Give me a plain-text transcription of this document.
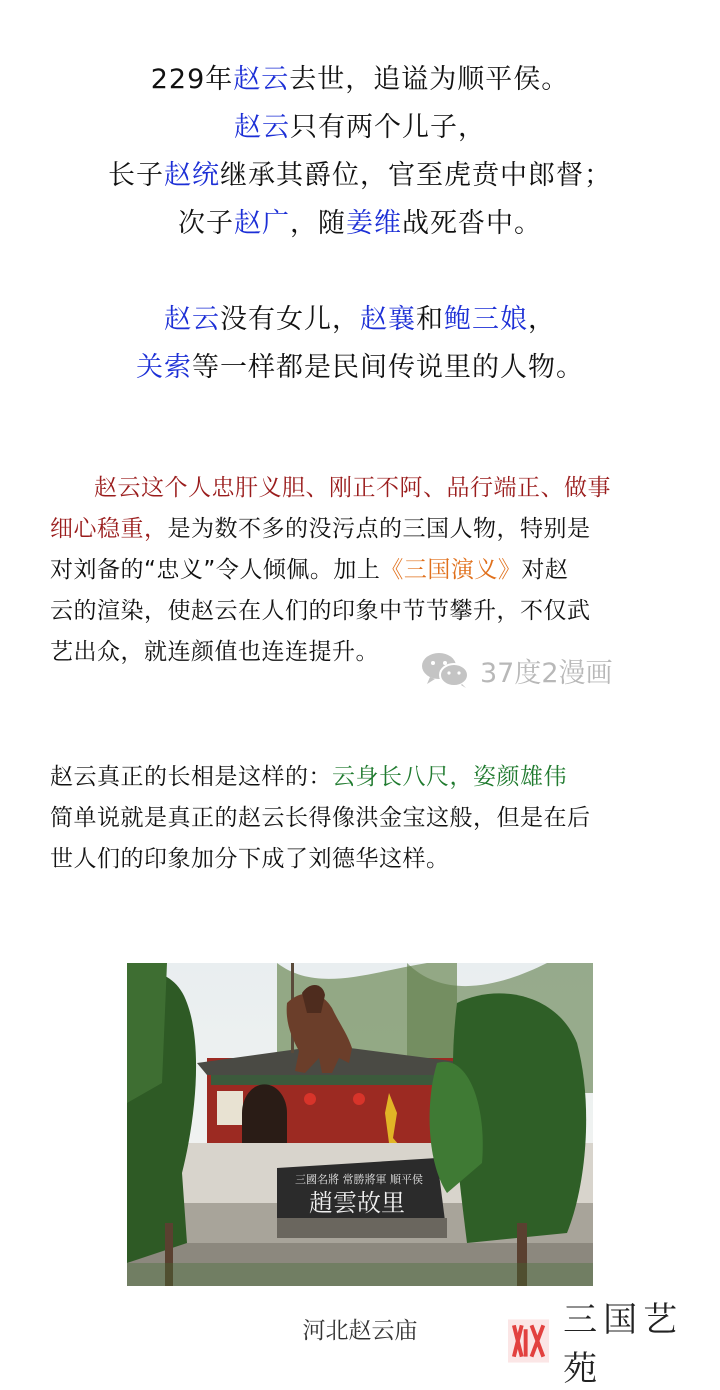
229年赵云去世，追谥为顺平侯。
赵云只有两个儿子，
长子赵统继承其爵位，官至虎贲中郎督；
次子赵广，随姜维战死沓中。
赵云没有女儿，赵襄和鲍三娘，
关索等一样都是民间传说里的人物。
赵云这个人忠肝义胆、刚正不阿、品行端正、做事
细心稳重，是为数不多的没污点的三国人物，特别是
对刘备的“忠义”令人倾佩。加上《三国演义》对赵
云的渲染，使赵云在人们的印象中节节攀升，不仅武
艺出众，就连颜值也连连提升。
37度2漫画
赵云真正的长相是这样的：云身长八尺，姿颜雄伟
简单说就是真正的赵云长得像洪金宝这般，但是在后
世人们的印象加分下成了刘德华这样。
三國名將 常勝將軍 順平侯
趙雲故里
河北赵云庙	三国艺苑
